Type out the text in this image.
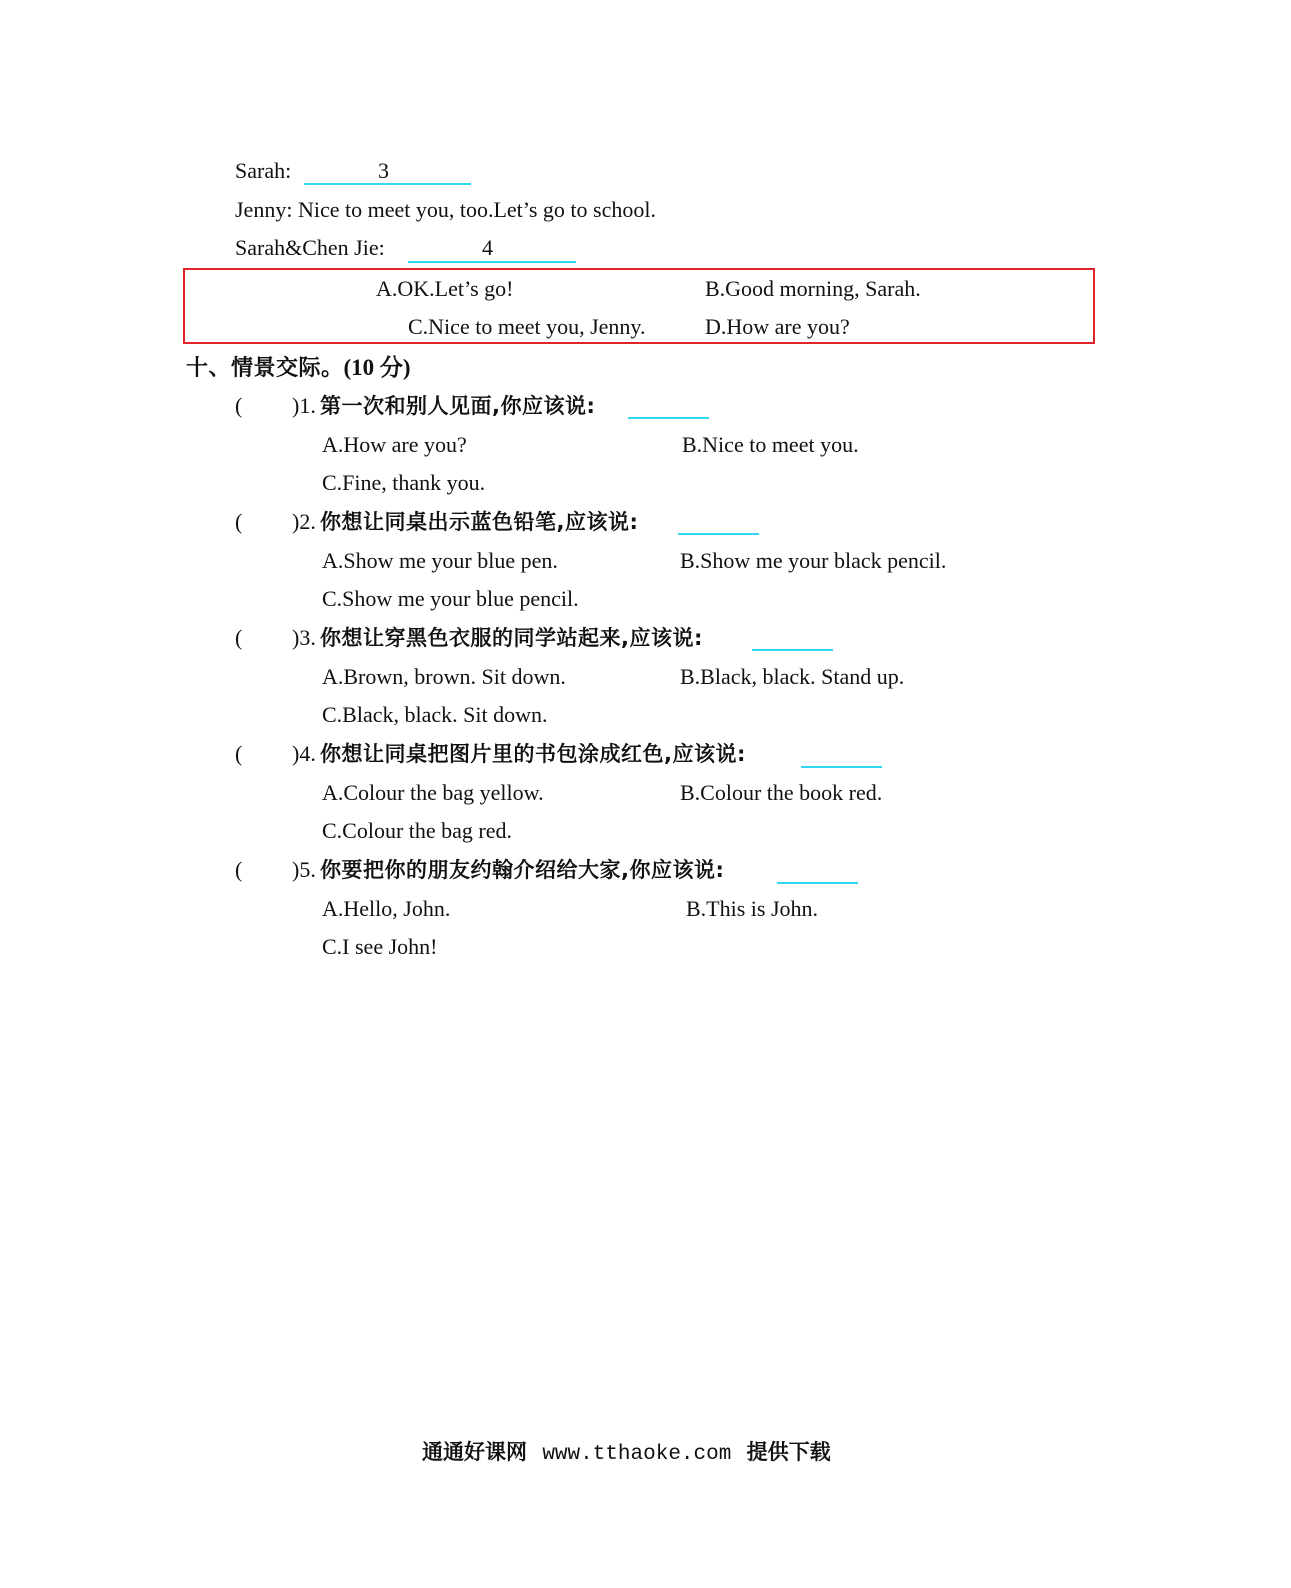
Sarah:	3
Jenny: Nice to meet you, too.Let’s go to school.
Sarah&Chen Jie:	4
A.OK.Let’s go!	B.Good morning, Sarah.
C.Nice to meet you, Jenny.	D.How are you?
十、情景交际。(10 分)
( )1. 第一次和别人见面,你应该说:
A.How are you?	B.Nice to meet you.
C.Fine, thank you.
( )2. 你想让同桌出示蓝色铅笔,应该说:
A.Show me your blue pen.	B.Show me your black pencil.
C.Show me your blue pencil.
( )3. 你想让穿黑色衣服的同学站起来,应该说:
A.Brown, brown. Sit down.	B.Black, black. Stand up.
C.Black, black. Sit down.
( )4. 你想让同桌把图片里的书包涂成红色,应该说:
A.Colour the bag yellow.	B.Colour the book red.
C.Colour the bag red.
( )5. 你要把你的朋友约翰介绍给大家,你应该说:
A.Hello, John.	B.This is John.
C.I see John!
通通好课网 www.tthaoke.com 提供下载
